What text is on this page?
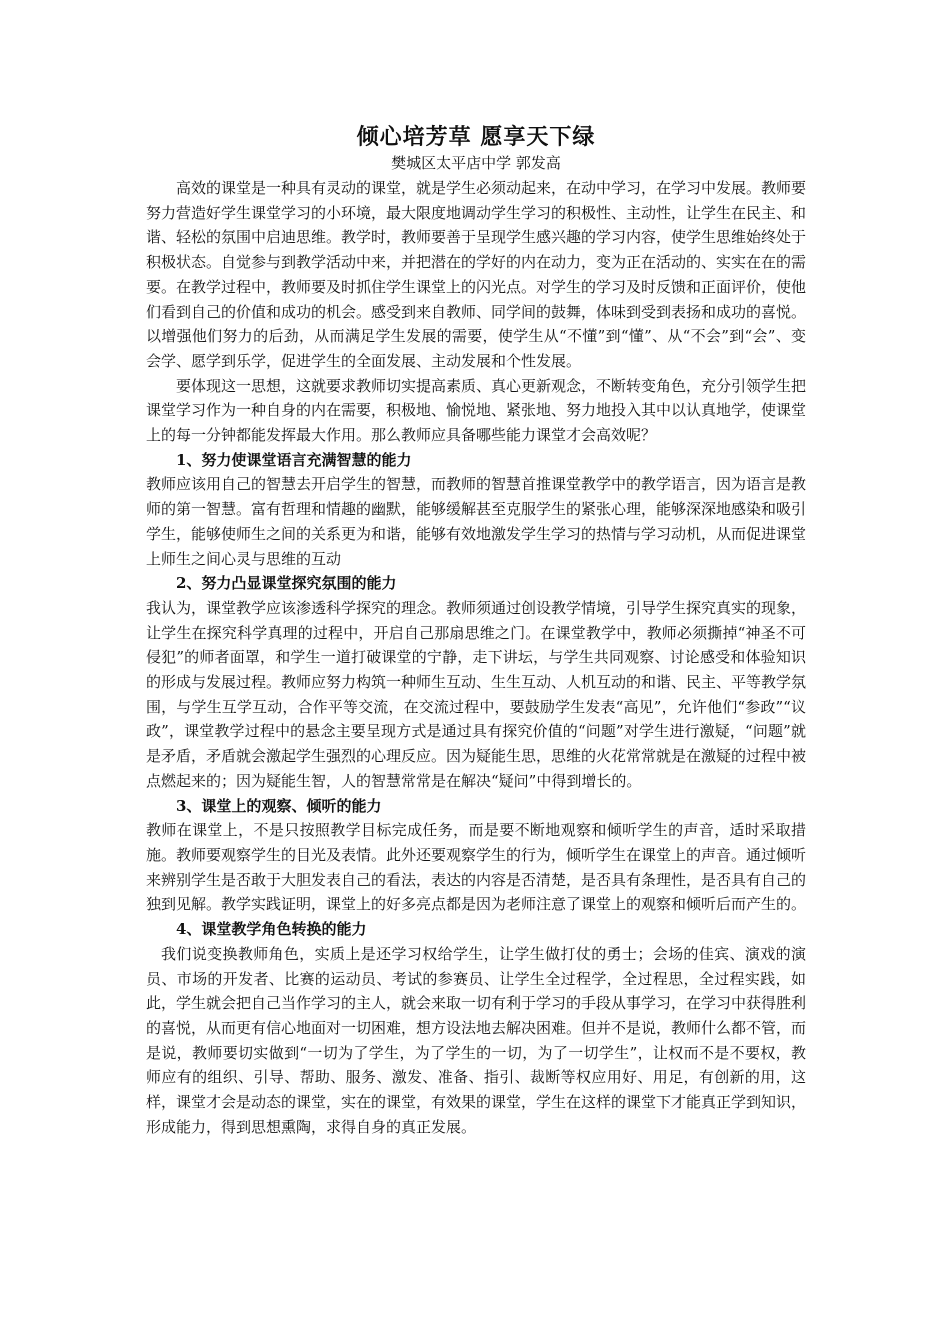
倾心培芳草 愿享天下绿

樊城区太平店中学 郭发高

高效的课堂是一种具有灵动的课堂，就是学生必须动起来，在动中学习，在学习中发展。教师要努力营造好学生课堂学习的小环境，最大限度地调动学生学习的积极性、主动性，让学生在民主、和谐、轻松的氛围中启迪思维。教学时，教师要善于呈现学生感兴趣的学习内容，使学生思维始终处于积极状态。自觉参与到教学活动中来，并把潜在的学好的内在动力，变为正在活动的、实实在在的需要。在教学过程中，教师要及时抓住学生课堂上的闪光点。对学生的学习及时反馈和正面评价，使他们看到自己的价值和成功的机会。感受到来自教师、同学间的鼓舞，体味到受到表扬和成功的喜悦。以增强他们努力的后劲，从而满足学生发展的需要，使学生从“不懂”到“懂”、从“不会”到“会”、变会学、愿学到乐学，促进学生的全面发展、主动发展和个性发展。

要体现这一思想，这就要求教师切实提高素质、真心更新观念，不断转变角色，充分引领学生把课堂学习作为一种自身的内在需要，积极地、愉悦地、紧张地、努力地投入其中以认真地学，使课堂上的每一分钟都能发挥最大作用。那么教师应具备哪些能力课堂才会高效呢？

1、努力使课堂语言充满智慧的能力

教师应该用自己的智慧去开启学生的智慧，而教师的智慧首推课堂教学中的教学语言，因为语言是教师的第一智慧。富有哲理和情趣的幽默，能够缓解甚至克服学生的紧张心理，能够深深地感染和吸引学生，能够使师生之间的关系更为和谐，能够有效地激发学生学习的热情与学习动机，从而促进课堂上师生之间心灵与思维的互动

2、努力凸显课堂探究氛围的能力

我认为，课堂教学应该渗透科学探究的理念。教师须通过创设教学情境，引导学生探究真实的现象，让学生在探究科学真理的过程中，开启自己那扇思维之门。在课堂教学中，教师必须撕掉“神圣不可侵犯”的师者面罩，和学生一道打破课堂的宁静，走下讲坛，与学生共同观察、讨论感受和体验知识的形成与发展过程。教师应努力构筑一种师生互动、生生互动、人机互动的和谐、民主、平等教学氛围，与学生互学互动，合作平等交流，在交流过程中，要鼓励学生发表“高见”，允许他们“参政”“议政”，课堂教学过程中的悬念主要呈现方式是通过具有探究价值的“问题”对学生进行激疑，“问题”就是矛盾，矛盾就会激起学生强烈的心理反应。因为疑能生思，思维的火花常常就是在激疑的过程中被点燃起来的；因为疑能生智，人的智慧常常是在解决“疑问”中得到增长的。

3、课堂上的观察、倾听的能力

教师在课堂上，不是只按照教学目标完成任务，而是要不断地观察和倾听学生的声音，适时采取措施。教师要观察学生的目光及表情。此外还要观察学生的行为，倾听学生在课堂上的声音。通过倾听来辨别学生是否敢于大胆发表自己的看法，表达的内容是否清楚，是否具有条理性，是否具有自己的独到见解。教学实践证明，课堂上的好多亮点都是因为老师注意了课堂上的观察和倾听后而产生的。

4、课堂教学角色转换的能力

我们说变换教师角色，实质上是还学习权给学生，让学生做打仗的勇士；会场的佳宾、演戏的演员、市场的开发者、比赛的运动员、考试的参赛员、让学生全过程学，全过程思，全过程实践，如此，学生就会把自己当作学习的主人，就会来取一切有利于学习的手段从事学习，在学习中获得胜利的喜悦，从而更有信心地面对一切困难，想方设法地去解决困难。但并不是说，教师什么都不管，而是说，教师要切实做到“一切为了学生，为了学生的一切，为了一切学生”，让权而不是不要权，教师应有的组织、引导、帮助、服务、激发、准备、指引、裁断等权应用好、用足，有创新的用，这样，课堂才会是动态的课堂，实在的课堂，有效果的课堂，学生在这样的课堂下才能真正学到知识，形成能力，得到思想熏陶，求得自身的真正发展。
